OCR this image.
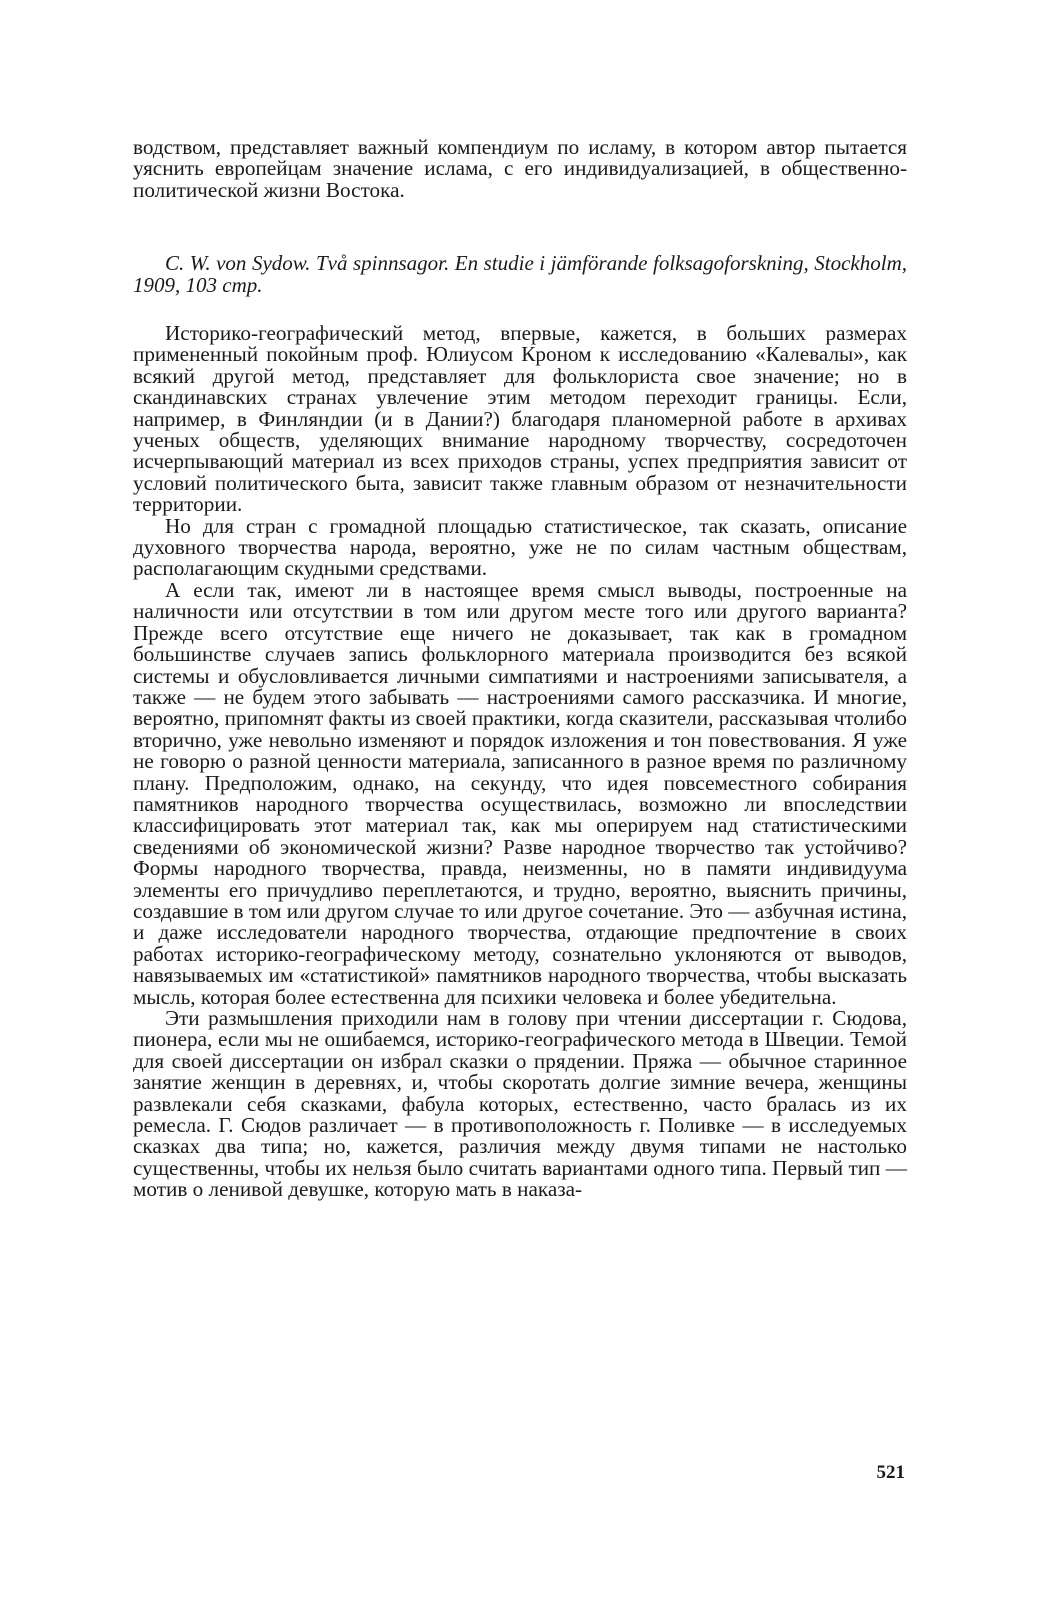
водством, представляет важный компендиум по исламу, в котором автор пытается уяснить европейцам значение ислама, с его индивидуализацией, в общественно-политической жизни Востока.

C. W. von Sydow. Två spinnsagor. En studie i jämförande folksagoforskning, Stockholm, 1909, 103 стр.

Историко-географический метод, впервые, кажется, в больших размерах примененный покойным проф. Юлиусом Кроном к исследованию «Калевалы», как всякий другой метод, представляет для фольклориста свое значение; но в скандинавских странах увлечение этим методом переходит границы. Если, например, в Финляндии (и в Дании?) благодаря планомерной работе в архивах ученых обществ, уделяющих внимание народному творчеству, сосредоточен исчерпывающий материал из всех приходов страны, успех предприятия зависит от условий политического быта, зависит также главным образом от незначительности территории.

Но для стран с громадной площадью статистическое, так сказать, описание духовного творчества народа, вероятно, уже не по силам частным обществам, располагающим скудными средствами.

А если так, имеют ли в настоящее время смысл выводы, построенные на наличности или отсутствии в том или другом месте того или другого варианта? Прежде всего отсутствие еще ничего не доказывает, так как в громадном большинстве случаев запись фольклорного материала производится без всякой системы и обусловливается личными симпатиями и настроениями записывателя, а также — не будем этого забывать — настроениями самого рассказчика. И многие, вероятно, припомнят факты из своей практики, когда сказители, рассказывая чтолибо вторично, уже невольно изменяют и порядок изложения и тон повествования. Я уже не говорю о разной ценности материала, записанного в разное время по различному плану. Предположим, однако, на секунду, что идея повсеместного собирания памятников народного творчества осуществилась, возможно ли впоследствии классифицировать этот материал так, как мы оперируем над статистическими сведениями об экономической жизни? Разве народное творчество так устойчиво? Формы народного творчества, правда, неизменны, но в памяти индивидуума элементы его причудливо переплетаются, и трудно, вероятно, выяснить причины, создавшие в том или другом случае то или другое сочетание. Это — азбучная истина, и даже исследователи народного творчества, отдающие предпочтение в своих работах историко-географическому методу, сознательно уклоняются от выводов, навязываемых им «статистикой» памятников народного творчества, чтобы высказать мысль, которая более естественна для психики человека и более убедительна.

Эти размышления приходили нам в голову при чтении диссертации г. Сюдова, пионера, если мы не ошибаемся, историко-географического метода в Швеции. Темой для своей диссертации он избрал сказки о прядении. Пряжа — обычное старинное занятие женщин в деревнях, и, чтобы скоротать долгие зимние вечера, женщины развлекали себя сказками, фабула которых, естественно, часто бралась из их ремесла. Г. Сюдов различает — в противоположность г. Поливке — в исследуемых сказках два типа; но, кажется, различия между двумя типами не настолько существенны, чтобы их нельзя было считать вариантами одного типа. Первый тип — мотив о ленивой девушке, которую мать в наказа-

521
